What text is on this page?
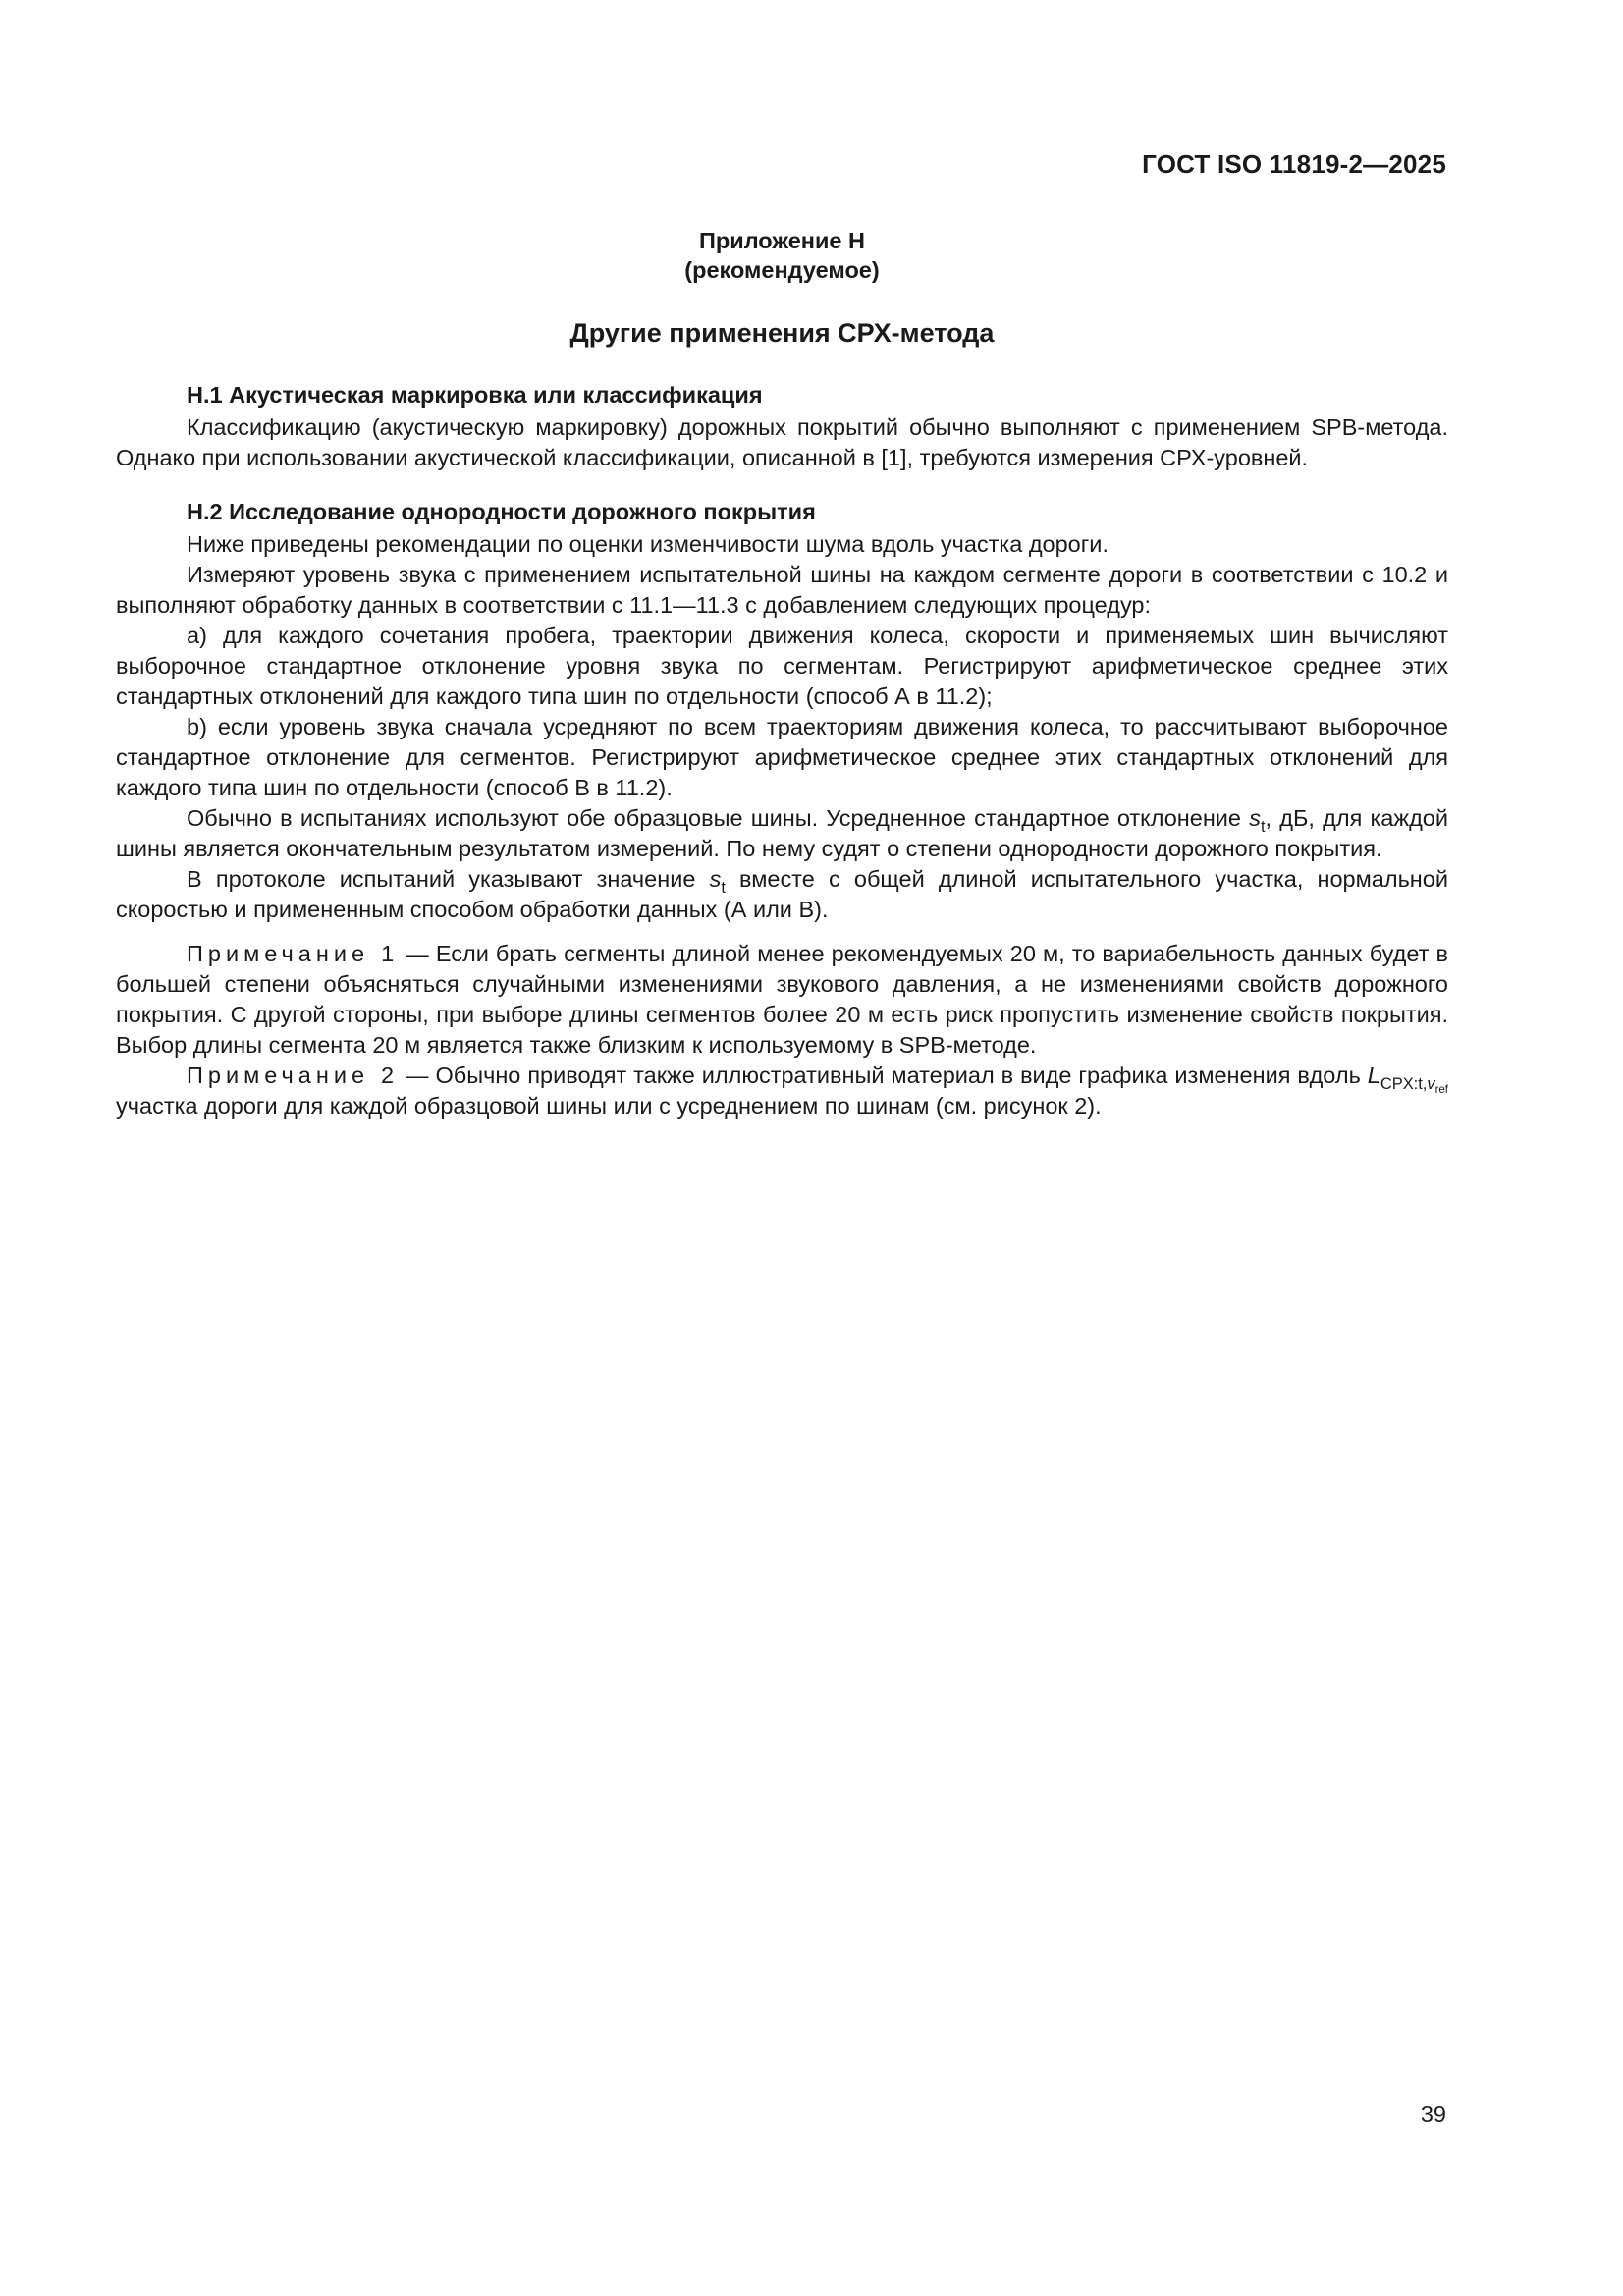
ГОСТ ISO 11819-2—2025
Приложение Н
(рекомендуемое)
Другие применения СРХ-метода
Н.1 Акустическая маркировка или классификация

Классификацию (акустическую маркировку) дорожных покрытий обычно выполняют с применением SPB-метода. Однако при использовании акустической классификации, описанной в [1], требуются измерения СРХ-уровней.

Н.2 Исследование однородности дорожного покрытия

Ниже приведены рекомендации по оценки изменчивости шума вдоль участка дороги.

Измеряют уровень звука с применением испытательной шины на каждом сегменте дороги в соответствии с 10.2 и выполняют обработку данных в соответствии с 11.1—11.3 с добавлением следующих процедур:

а) для каждого сочетания пробега, траектории движения колеса, скорости и применяемых шин вычисляют выборочное стандартное отклонение уровня звука по сегментам. Регистрируют арифметическое среднее этих стандартных отклонений для каждого типа шин по отдельности (способ А в 11.2);

b) если уровень звука сначала усредняют по всем траекториям движения колеса, то рассчитывают выборочное стандартное отклонение для сегментов. Регистрируют арифметическое среднее этих стандартных отклонений для каждого типа шин по отдельности (способ В в 11.2).

Обычно в испытаниях используют обе образцовые шины. Усредненное стандартное отклонение $s_t$, дБ, для каждой шины является окончательным результатом измерений. По нему судят о степени однородности дорожного покрытия.

В протоколе испытаний указывают значение $s_t$ вместе с общей длиной испытательного участка, нормальной скоростью и примененным способом обработки данных (А или В).

Примечание 1 — Если брать сегменты длиной менее рекомендуемых 20 м, то вариабельность данных будет в большей степени объясняться случайными изменениями звукового давления, а не изменениями свойств дорожного покрытия. С другой стороны, при выборе длины сегментов более 20 м есть риск пропустить изменение свойств покрытия. Выбор длины сегмента 20 м является также близким к используемому в SPB-методе.

Примечание 2 — Обычно приводят также иллюстративный материал в виде графика изменения вдоль $L_{CPX:t,v_{ref}}$ участка дороги для каждой образцовой шины или с усреднением по шинам (см. рисунок 2).

39
